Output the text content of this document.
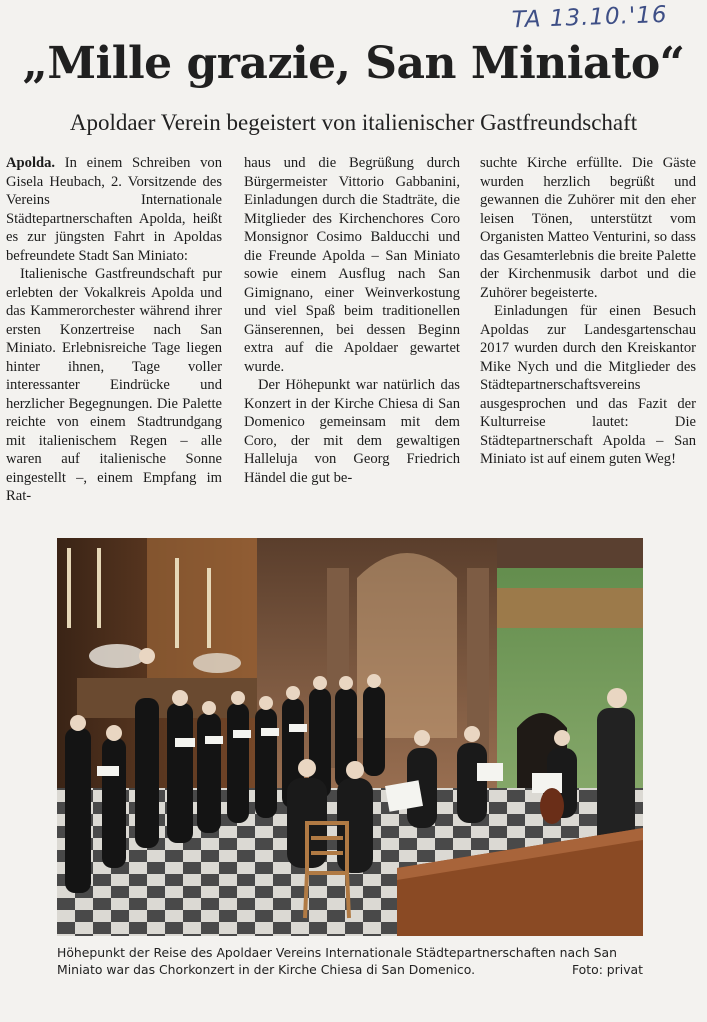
TA 13.10.'16
„Mille grazie, San Miniato“
Apoldaer Verein begeistert von italienischer Gastfreundschaft

Apolda. In einem Schreiben von Gisela Heubach, 2. Vorsitzende des Vereins Internationale Städtepartnerschaften Apolda, heißt es zur jüngsten Fahrt in Apoldas befreundete Stadt San Miniato:

Italienische Gastfreundschaft pur erlebten der Vokalkreis Apolda und das Kammerorchester während ihrer ersten Konzertreise nach San Miniato. Erlebnisreiche Tage liegen hinter ihnen, Tage voller interessanter Eindrücke und herzlicher Begegnungen. Die Palette reichte von einem Stadtrundgang mit italienischem Regen – alle waren auf italienische Sonne eingestellt –, einem Empfang im Rat-

haus und die Begrüßung durch Bürgermeister Vittorio Gabbanini, Einladungen durch die Stadträte, die Mitglieder des Kirchenchores Coro Monsignor Cosimo Balducchi und die Freunde Apolda – San Miniato sowie einem Ausflug nach San Gimignano, einer Weinverkostung und viel Spaß beim traditionellen Gänserennen, bei dessen Beginn extra auf die Apoldaer gewartet wurde.

Der Höhepunkt war natürlich das Konzert in der Kirche Chiesa di San Domenico gemeinsam mit dem Coro, der mit dem gewaltigen Halleluja von Georg Friedrich Händel die gut be-

suchte Kirche erfüllte. Die Gäste wurden herzlich begrüßt und gewannen die Zuhörer mit den eher leisen Tönen, unterstützt vom Organisten Matteo Venturini, so dass das Gesamterlebnis die breite Palette der Kirchenmusik darbot und die Zuhörer begeisterte.

Einladungen für einen Besuch Apoldas zur Landesgartenschau 2017 wurden durch den Kreiskantor Mike Nych und die Mitglieder des Städtepartnerschaftsvereins ausgesprochen und das Fazit der Kulturreise lautet: Die Städtepartnerschaft Apolda – San Miniato ist auf einem guten Weg!

Höhepunkt der Reise des Apoldaer Vereins Internationale Städtepartnerschaften nach San Miniato war das Chorkonzert in der Kirche Chiesa di San Domenico.	Foto: privat
